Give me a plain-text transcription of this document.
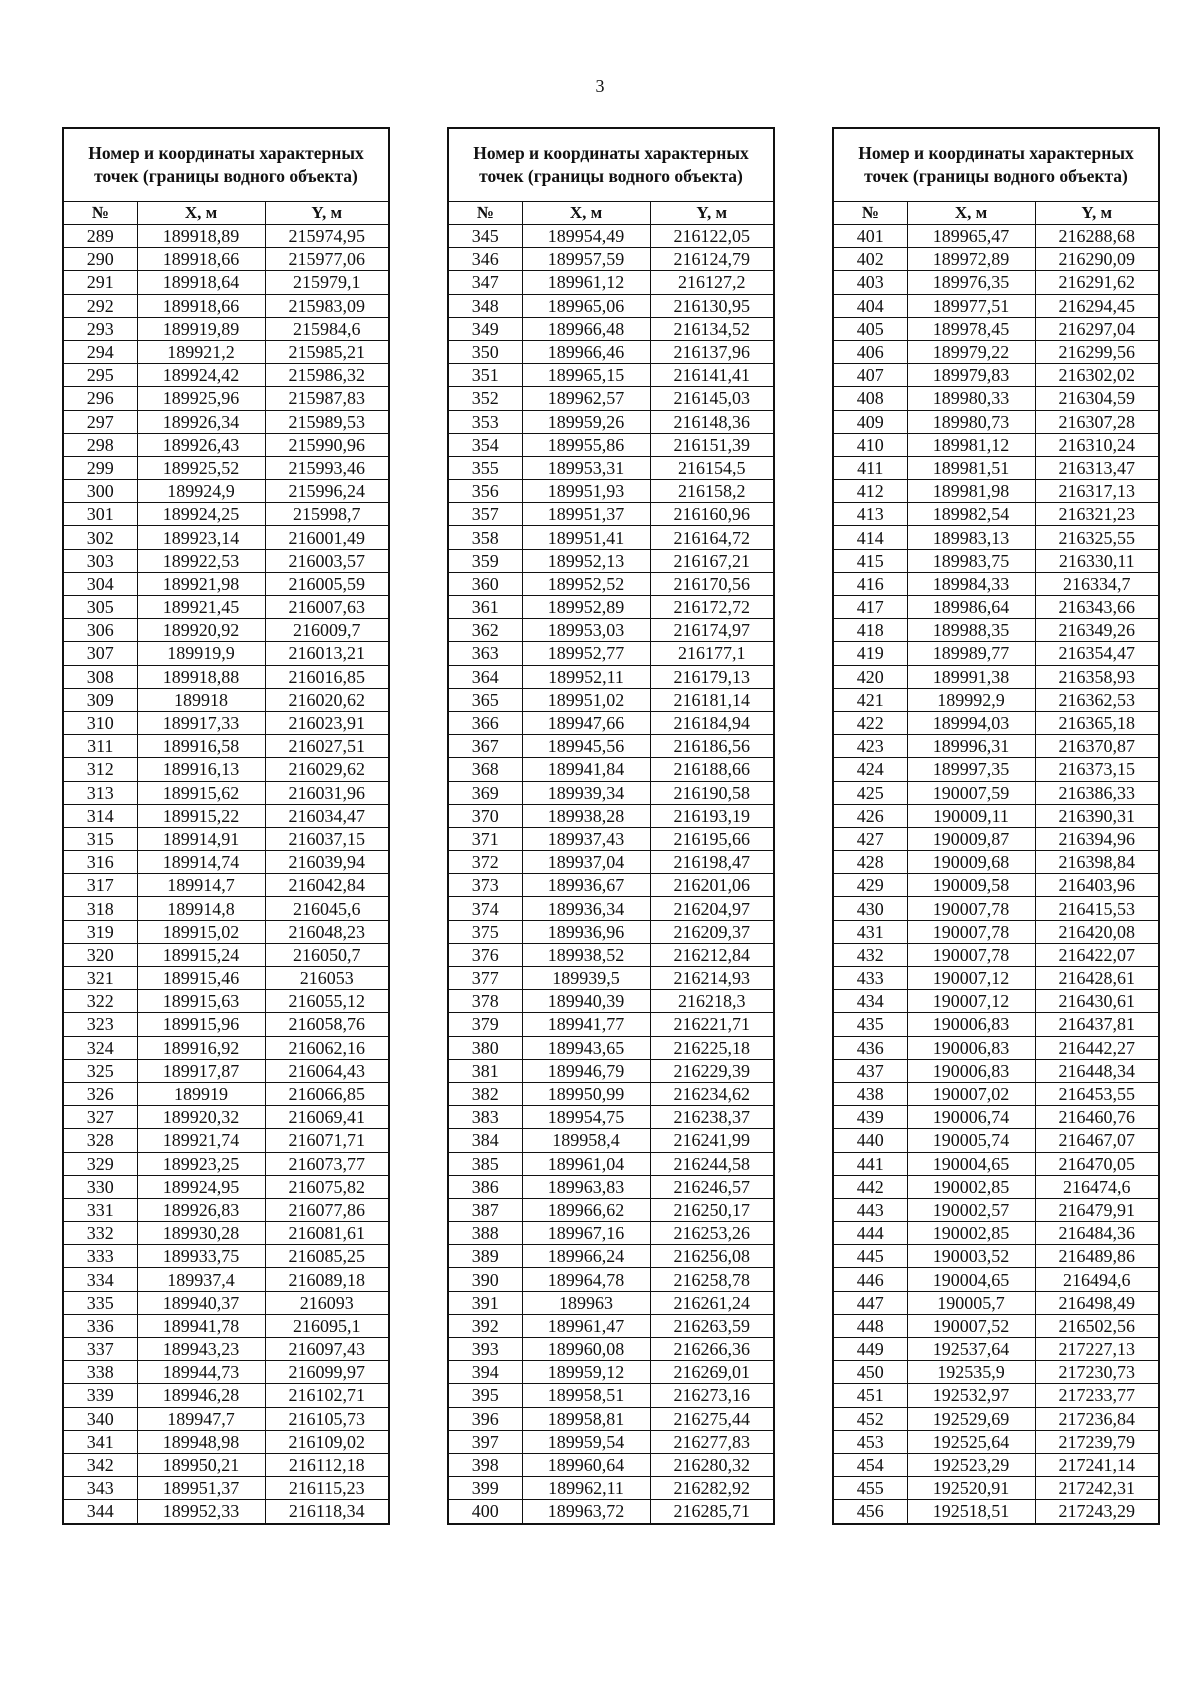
3
Номер и координаты характерных точек (границы водного объекта)		
№	X, м	Y, м
289	189918,89	215974,95
290	189918,66	215977,06
291	189918,64	215979,1
292	189918,66	215983,09
293	189919,89	215984,6
294	189921,2	215985,21
295	189924,42	215986,32
296	189925,96	215987,83
297	189926,34	215989,53
298	189926,43	215990,96
299	189925,52	215993,46
300	189924,9	215996,24
301	189924,25	215998,7
302	189923,14	216001,49
303	189922,53	216003,57
304	189921,98	216005,59
305	189921,45	216007,63
306	189920,92	216009,7
307	189919,9	216013,21
308	189918,88	216016,85
309	189918	216020,62
310	189917,33	216023,91
311	189916,58	216027,51
312	189916,13	216029,62
313	189915,62	216031,96
314	189915,22	216034,47
315	189914,91	216037,15
316	189914,74	216039,94
317	189914,7	216042,84
318	189914,8	216045,6
319	189915,02	216048,23
320	189915,24	216050,7
321	189915,46	216053
322	189915,63	216055,12
323	189915,96	216058,76
324	189916,92	216062,16
325	189917,87	216064,43
326	189919	216066,85
327	189920,32	216069,41
328	189921,74	216071,71
329	189923,25	216073,77
330	189924,95	216075,82
331	189926,83	216077,86
332	189930,28	216081,61
333	189933,75	216085,25
334	189937,4	216089,18
335	189940,37	216093
336	189941,78	216095,1
337	189943,23	216097,43
338	189944,73	216099,97
339	189946,28	216102,71
340	189947,7	216105,73
341	189948,98	216109,02
342	189950,21	216112,18
343	189951,37	216115,23
344	189952,33	216118,34
Номер и координаты характерных точек (границы водного объекта)		
№	X, м	Y, м
345	189954,49	216122,05
346	189957,59	216124,79
347	189961,12	216127,2
348	189965,06	216130,95
349	189966,48	216134,52
350	189966,46	216137,96
351	189965,15	216141,41
352	189962,57	216145,03
353	189959,26	216148,36
354	189955,86	216151,39
355	189953,31	216154,5
356	189951,93	216158,2
357	189951,37	216160,96
358	189951,41	216164,72
359	189952,13	216167,21
360	189952,52	216170,56
361	189952,89	216172,72
362	189953,03	216174,97
363	189952,77	216177,1
364	189952,11	216179,13
365	189951,02	216181,14
366	189947,66	216184,94
367	189945,56	216186,56
368	189941,84	216188,66
369	189939,34	216190,58
370	189938,28	216193,19
371	189937,43	216195,66
372	189937,04	216198,47
373	189936,67	216201,06
374	189936,34	216204,97
375	189936,96	216209,37
376	189938,52	216212,84
377	189939,5	216214,93
378	189940,39	216218,3
379	189941,77	216221,71
380	189943,65	216225,18
381	189946,79	216229,39
382	189950,99	216234,62
383	189954,75	216238,37
384	189958,4	216241,99
385	189961,04	216244,58
386	189963,83	216246,57
387	189966,62	216250,17
388	189967,16	216253,26
389	189966,24	216256,08
390	189964,78	216258,78
391	189963	216261,24
392	189961,47	216263,59
393	189960,08	216266,36
394	189959,12	216269,01
395	189958,51	216273,16
396	189958,81	216275,44
397	189959,54	216277,83
398	189960,64	216280,32
399	189962,11	216282,92
400	189963,72	216285,71
Номер и координаты характерных точек (границы водного объекта)		
№	X, м	Y, м
401	189965,47	216288,68
402	189972,89	216290,09
403	189976,35	216291,62
404	189977,51	216294,45
405	189978,45	216297,04
406	189979,22	216299,56
407	189979,83	216302,02
408	189980,33	216304,59
409	189980,73	216307,28
410	189981,12	216310,24
411	189981,51	216313,47
412	189981,98	216317,13
413	189982,54	216321,23
414	189983,13	216325,55
415	189983,75	216330,11
416	189984,33	216334,7
417	189986,64	216343,66
418	189988,35	216349,26
419	189989,77	216354,47
420	189991,38	216358,93
421	189992,9	216362,53
422	189994,03	216365,18
423	189996,31	216370,87
424	189997,35	216373,15
425	190007,59	216386,33
426	190009,11	216390,31
427	190009,87	216394,96
428	190009,68	216398,84
429	190009,58	216403,96
430	190007,78	216415,53
431	190007,78	216420,08
432	190007,78	216422,07
433	190007,12	216428,61
434	190007,12	216430,61
435	190006,83	216437,81
436	190006,83	216442,27
437	190006,83	216448,34
438	190007,02	216453,55
439	190006,74	216460,76
440	190005,74	216467,07
441	190004,65	216470,05
442	190002,85	216474,6
443	190002,57	216479,91
444	190002,85	216484,36
445	190003,52	216489,86
446	190004,65	216494,6
447	190005,7	216498,49
448	190007,52	216502,56
449	192537,64	217227,13
450	192535,9	217230,73
451	192532,97	217233,77
452	192529,69	217236,84
453	192525,64	217239,79
454	192523,29	217241,14
455	192520,91	217242,31
456	192518,51	217243,29
